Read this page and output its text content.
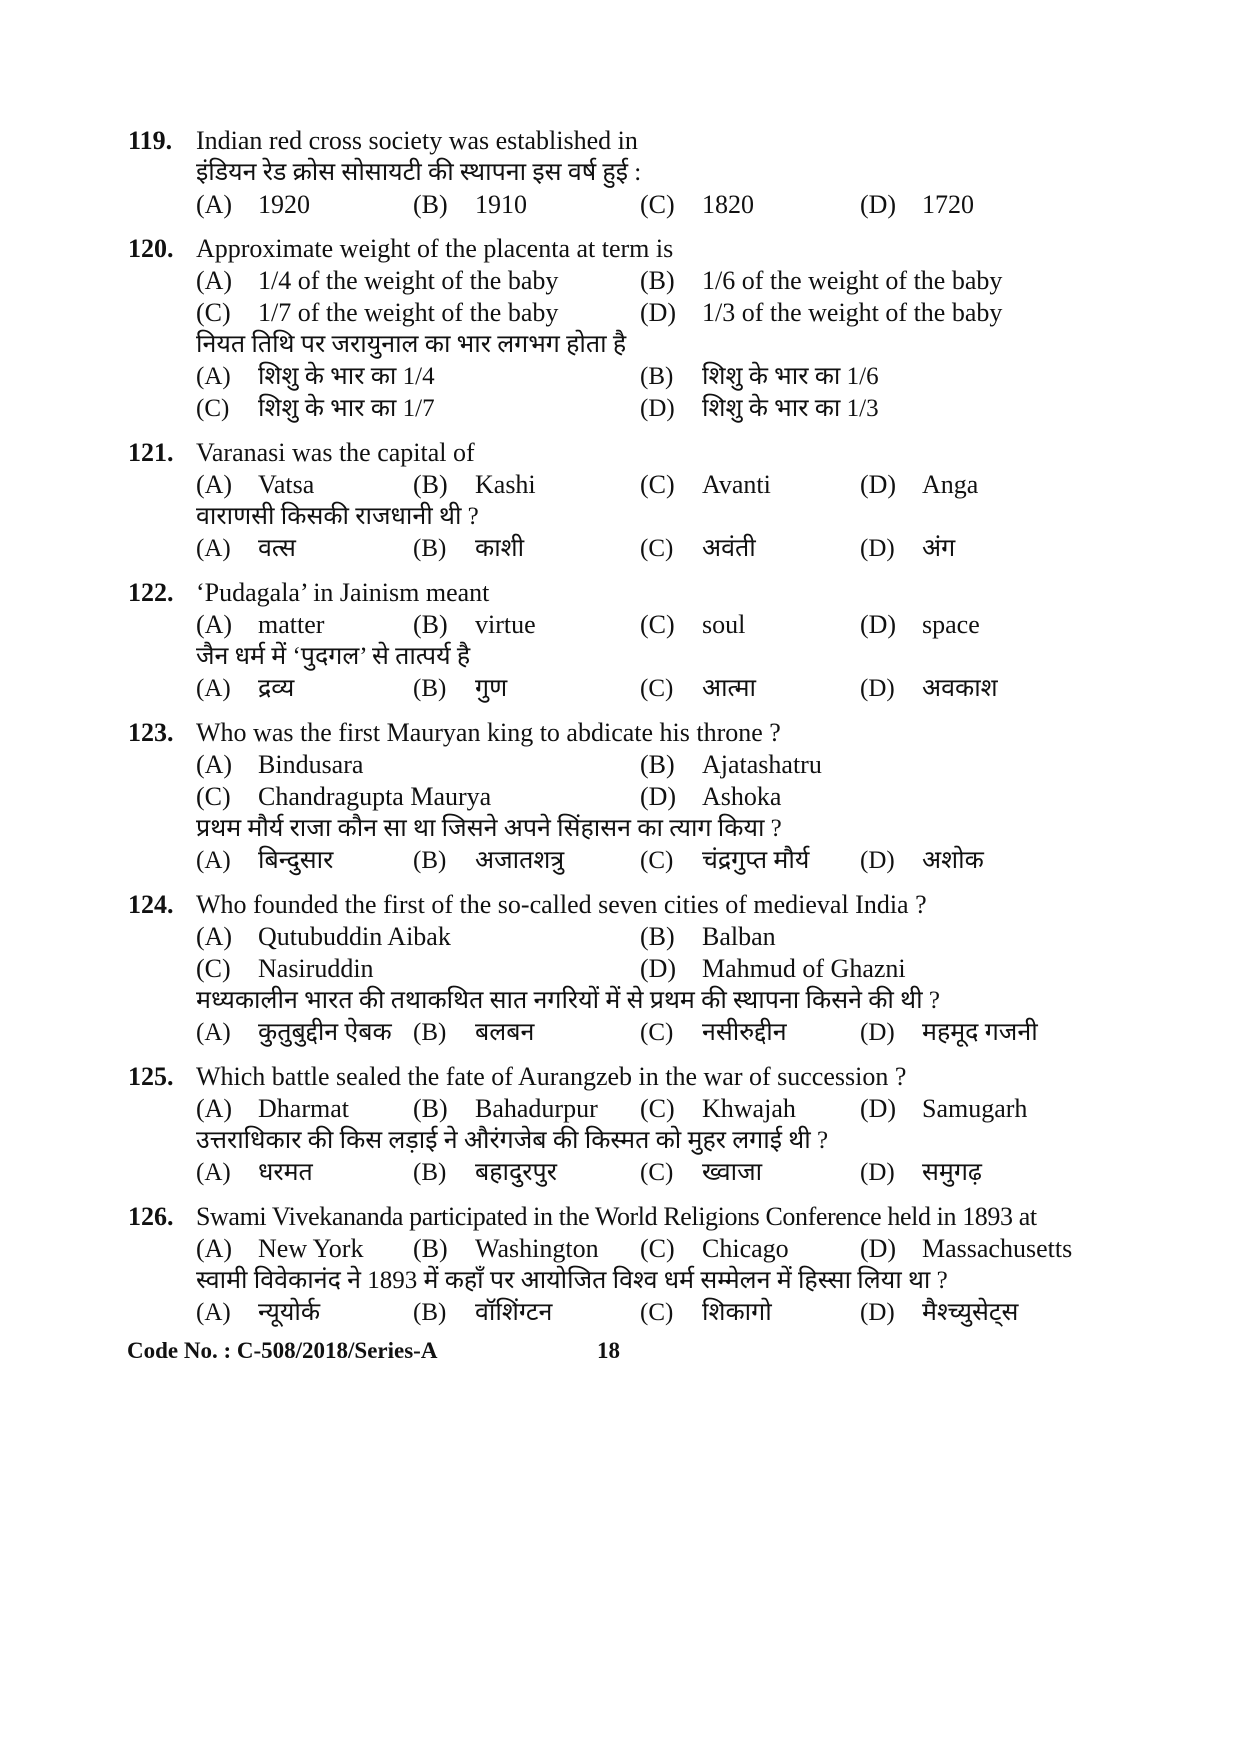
119. Indian red cross society was established in
इंडियन रेड क्रोस सोसायटी की स्थापना इस वर्ष हुई :
(A) 1920	(B) 1910	(C) 1820	(D) 1720
120. Approximate weight of the placenta at term is
(A) 1/4 of the weight of the baby	(B) 1/6 of the weight of the baby
(C) 1/7 of the weight of the baby	(D) 1/3 of the weight of the baby
नियत तिथि पर जरायुनाल का भार लगभग होता है
(A) शिशु के भार का 1/4	(B) शिशु के भार का 1/6
(C) शिशु के भार का 1/7	(D) शिशु के भार का 1/3
121. Varanasi was the capital of
(A) Vatsa	(B) Kashi	(C) Avanti	(D) Anga
वाराणसी किसकी राजधानी थी ?
(A) वत्स	(B) काशी	(C) अवंती	(D) अंग
122. ‘Pudagala’ in Jainism meant
(A) matter	(B) virtue	(C) soul	(D) space
जैन धर्म में ‘पुदगल’ से तात्पर्य है
(A) द्रव्य	(B) गुण	(C) आत्मा	(D) अवकाश
123. Who was the first Mauryan king to abdicate his throne ?
(A) Bindusara	(B) Ajatashatru
(C) Chandragupta Maurya	(D) Ashoka
प्रथम मौर्य राजा कौन सा था जिसने अपने सिंहासन का त्याग किया ?
(A) बिन्दुसार	(B) अजातशत्रु	(C) चंद्रगुप्त मौर्य (D) अशोक
124. Who founded the first of the so-called seven cities of medieval India ?
(A) Qutubuddin Aibak	(B) Balban
(C) Nasiruddin	(D) Mahmud of Ghazni
मध्यकालीन भारत की तथाकथित सात नगरियों में से प्रथम की स्थापना किसने की थी ?
(A) कुतुबुद्दीन ऐबक (B) बलबन	(C) नसीरुद्दीन	(D) महमूद गजनी
125. Which battle sealed the fate of Aurangzeb in the war of succession ?
(A) Dharmat (B) Bahadurpur (C) Khwajah (D) Samugarh
उत्तराधिकार की किस लड़ाई ने औरंगजेब की किस्मत को मुहर लगाई थी ?
(A) धरमत	(B) बहादुरपुर	(C) ख्वाजा	(D) समुगढ़
126. Swami Vivekananda participated in the World Religions Conference held in 1893 at
(A) New York (B) Washington (C) Chicago	(D) Massachusetts
स्वामी विवेकानंद ने 1893 में कहाँ पर आयोजित विश्व धर्म सम्मेलन में हिस्सा लिया था ?
(A) न्यूयोर्क	(B) वॉशिंग्टन	(C) शिकागो	(D) मैश्च्युसेट्स
Code No. : C-508/2018/Series-A	18
